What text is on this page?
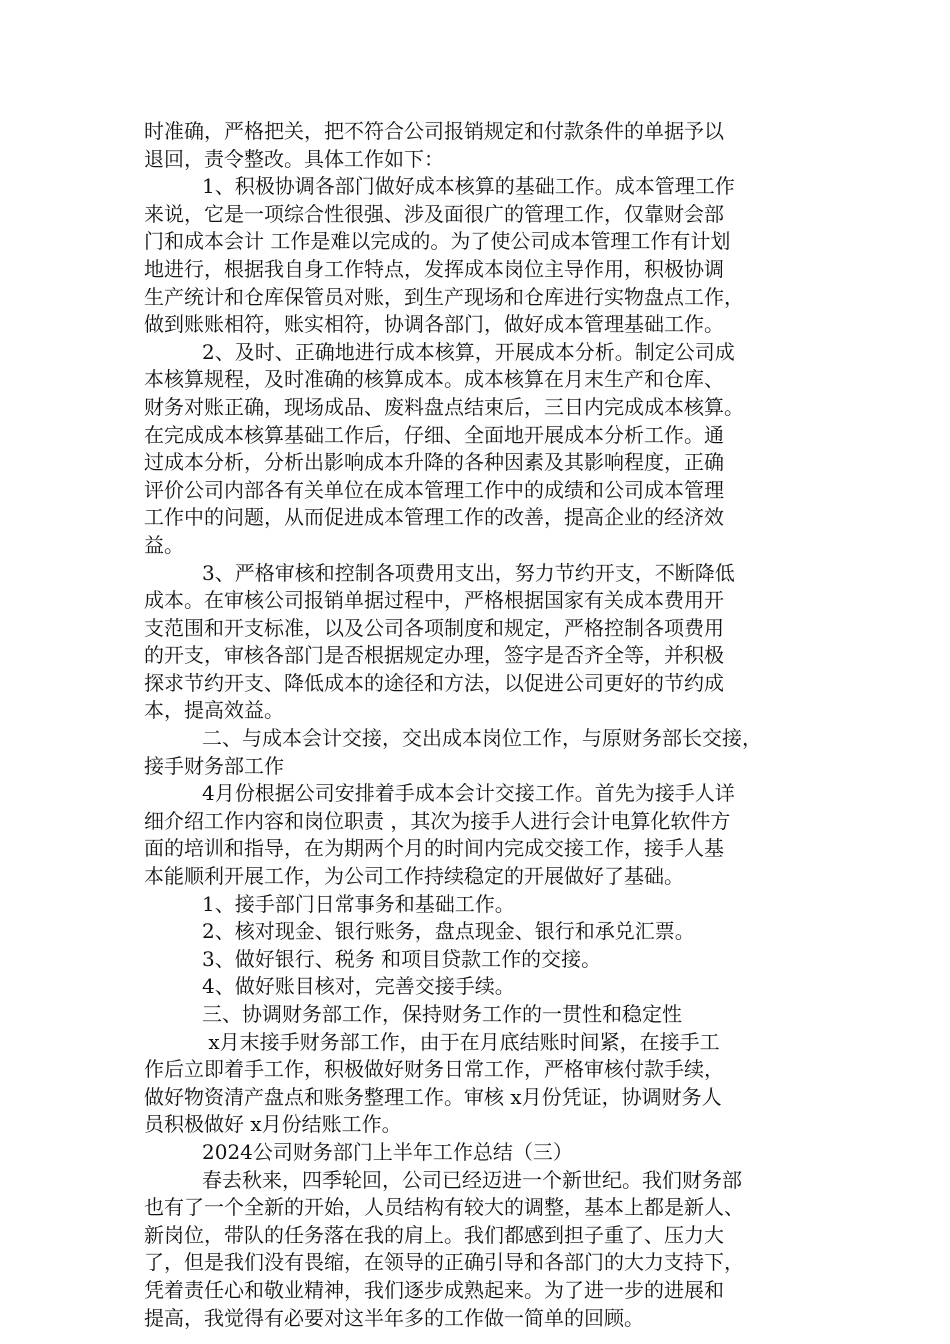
时准确，严格把关，把不符合公司报销规定和付款条件的单据予以
退回，责令整改。具体工作如下：
1、积极协调各部门做好成本核算的基础工作。成本管理工作
来说，它是一项综合性很强、涉及面很广的管理工作，仅靠财会部
门和成本会计 工作是难以完成的。为了使公司成本管理工作有计划
地进行，根据我自身工作特点，发挥成本岗位主导作用，积极协调
生产统计和仓库保管员对账，到生产现场和仓库进行实物盘点工作，
做到账账相符，账实相符，协调各部门，做好成本管理基础工作。
2、及时、正确地进行成本核算，开展成本分析。制定公司成
本核算规程，及时准确的核算成本。成本核算在月末生产和仓库、
财务对账正确，现场成品、废料盘点结束后，三日内完成成本核算。
在完成成本核算基础工作后，仔细、全面地开展成本分析工作。通
过成本分析，分析出影响成本升降的各种因素及其影响程度，正确
评价公司内部各有关单位在成本管理工作中的成绩和公司成本管理
工作中的问题，从而促进成本管理工作的改善，提高企业的经济效
益。
3、严格审核和控制各项费用支出，努力节约开支，不断降低
成本。在审核公司报销单据过程中，严格根据国家有关成本费用开
支范围和开支标准，以及公司各项制度和规定，严格控制各项费用
的开支，审核各部门是否根据规定办理，签字是否齐全等，并积极
探求节约开支、降低成本的途径和方法，以促进公司更好的节约成
本，提高效益。
二、与成本会计交接，交出成本岗位工作，与原财务部长交接，
接手财务部工作
4月份根据公司安排着手成本会计交接工作。首先为接手人详
细介绍工作内容和岗位职责 ，其次为接手人进行会计电算化软件方
面的培训和指导，在为期两个月的时间内完成交接工作，接手人基
本能顺利开展工作，为公司工作持续稳定的开展做好了基础。
1、接手部门日常事务和基础工作。
2、核对现金、银行账务，盘点现金、银行和承兑汇票。
3、做好银行、税务 和项目贷款工作的交接。
4、做好账目核对，完善交接手续。
三、协调财务部工作，保持财务工作的一贯性和稳定性
x月末接手财务部工作，由于在月底结账时间紧，在接手工
作后立即着手工作，积极做好财务日常工作，严格审核付款手续，
做好物资清产盘点和账务整理工作。审核 x月份凭证，协调财务人
员积极做好 x月份结账工作。
2024公司财务部门上半年工作总结（三）
春去秋来，四季轮回，公司已经迈进一个新世纪。我们财务部
也有了一个全新的开始，人员结构有较大的调整，基本上都是新人、
新岗位，带队的任务落在我的肩上。我们都感到担子重了、压力大
了，但是我们没有畏缩，在领导的正确引导和各部门的大力支持下，
凭着责任心和敬业精神，我们逐步成熟起来。为了进一步的进展和
提高，我觉得有必要对这半年多的工作做一简单的回顾。
